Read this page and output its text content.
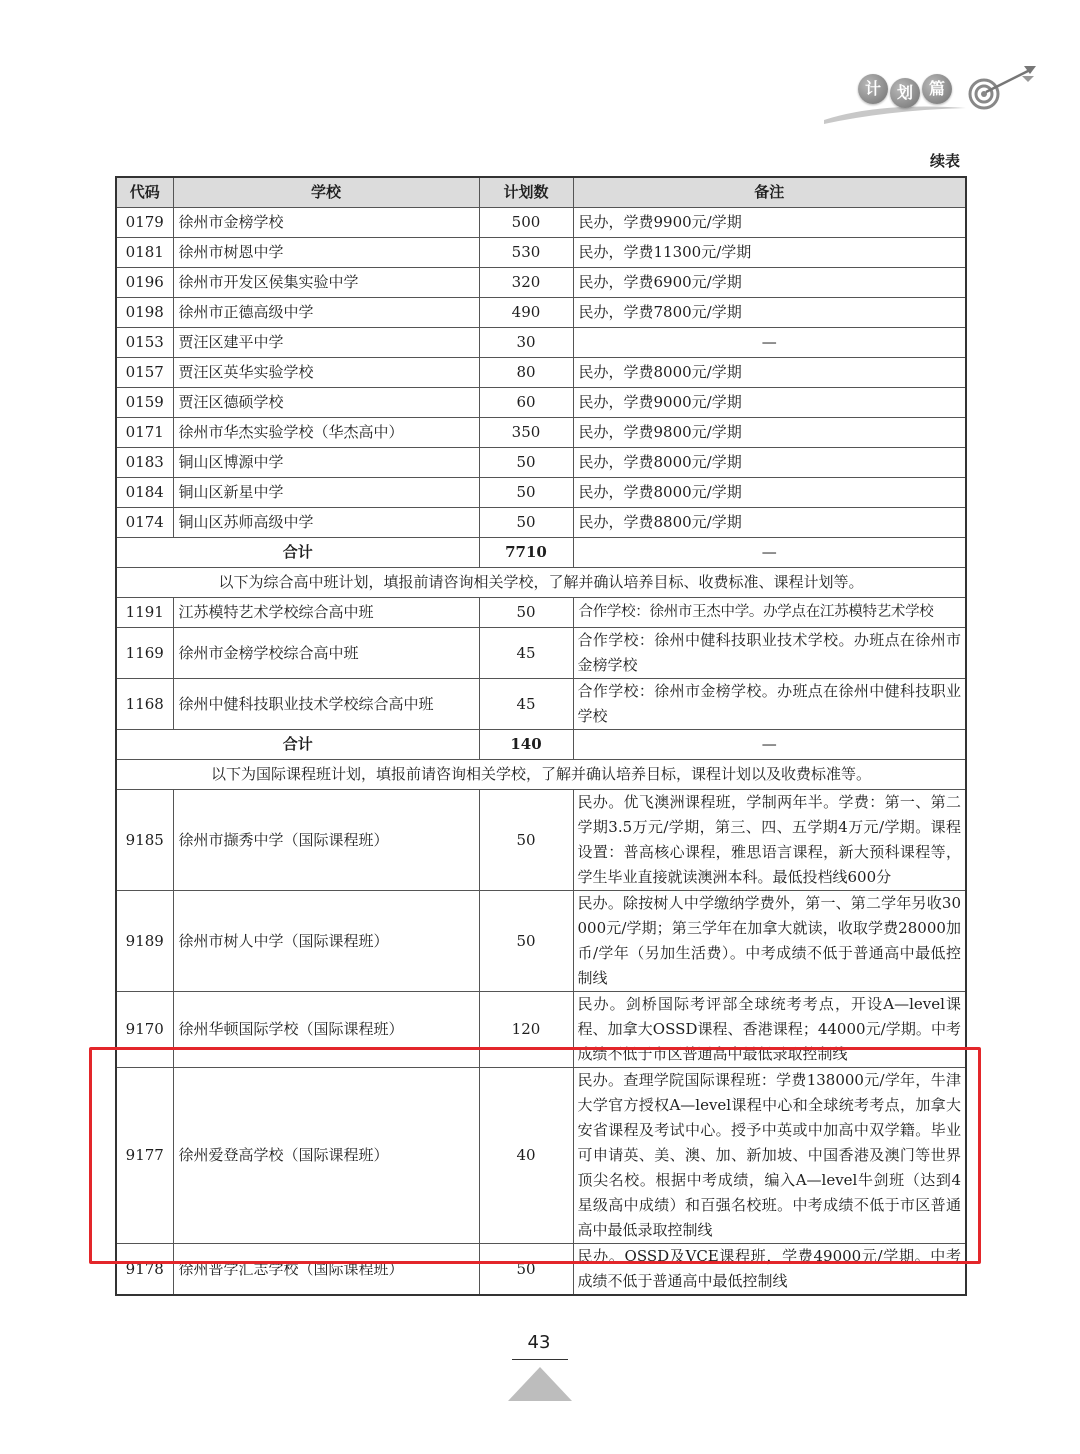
计 划 篇
续表
代码	学校	计划数	备注
0179	徐州市金榜学校	500	民办，学费9900元/学期
0181	徐州市树恩中学	530	民办，学费11300元/学期
0196	徐州市开发区侯集实验中学	320	民办，学费6900元/学期
0198	徐州市正德高级中学	490	民办，学费7800元/学期
0153	贾汪区建平中学	30	—
0157	贾汪区英华实验学校	80	民办，学费8000元/学期
0159	贾汪区德硕学校	60	民办，学费9000元/学期
0171	徐州市华杰实验学校（华杰高中）	350	民办，学费9800元/学期
0183	铜山区博源中学	50	民办，学费8000元/学期
0184	铜山区新星中学	50	民办，学费8000元/学期
0174	铜山区苏师高级中学	50	民办，学费8800元/学期
合计		7710	—
以下为综合高中班计划，填报前请咨询相关学校，了解并确认培养目标、收费标准、课程计划等。			
1191	江苏模特艺术学校综合高中班	50	合作学校：徐州市王杰中学。办学点在江苏模特艺术学校
1169	徐州市金榜学校综合高中班	45	合作学校：徐州中健科技职业技术学校。办班点在徐州市金榜学校
1168	徐州中健科技职业技术学校综合高中班	45	合作学校：徐州市金榜学校。办班点在徐州中健科技职业学校
合计		140	—
以下为国际课程班计划，填报前请咨询相关学校，了解并确认培养目标，课程计划以及收费标准等。			
9185	徐州市撷秀中学（国际课程班）	50	民办。优飞澳洲课程班，学制两年半。学费：第一、第二学期3.5万元/学期，第三、四、五学期4万元/学期。课程设置：普高核心课程，雅思语言课程，新大预科课程等，学生毕业直接就读澳洲本科。最低投档线600分
9189	徐州市树人中学（国际课程班）	50	民办。除按树人中学缴纳学费外，第一、第二学年另收30000元/学期；第三学年在加拿大就读，收取学费28000加币/学年（另加生活费）。中考成绩不低于普通高中最低控制线
9170	徐州华顿国际学校（国际课程班）	120	民办。剑桥国际考评部全球统考考点，开设A—level课程、加拿大OSSD课程、香港课程；44000元/学期。中考成绩不低于市区普通高中最低录取控制线
9177	徐州爱登高学校（国际课程班）	40	民办。查理学院国际课程班：学费138000元/学年，牛津大学官方授权A—level课程中心和全球统考考点，加拿大安省课程及考试中心。授予中英或中加高中双学籍。毕业可申请英、美、澳、加、新加坡、中国香港及澳门等世界顶尖名校。根据中考成绩，编入A—level牛剑班（达到4星级高中成绩）和百强名校班。中考成绩不低于市区普通高中最低录取控制线
9178	徐州普学汇志学校（国际课程班）	50	民办。OSSD及VCE课程班，学费49000元/学期。中考成绩不低于普通高中最低控制线
43
